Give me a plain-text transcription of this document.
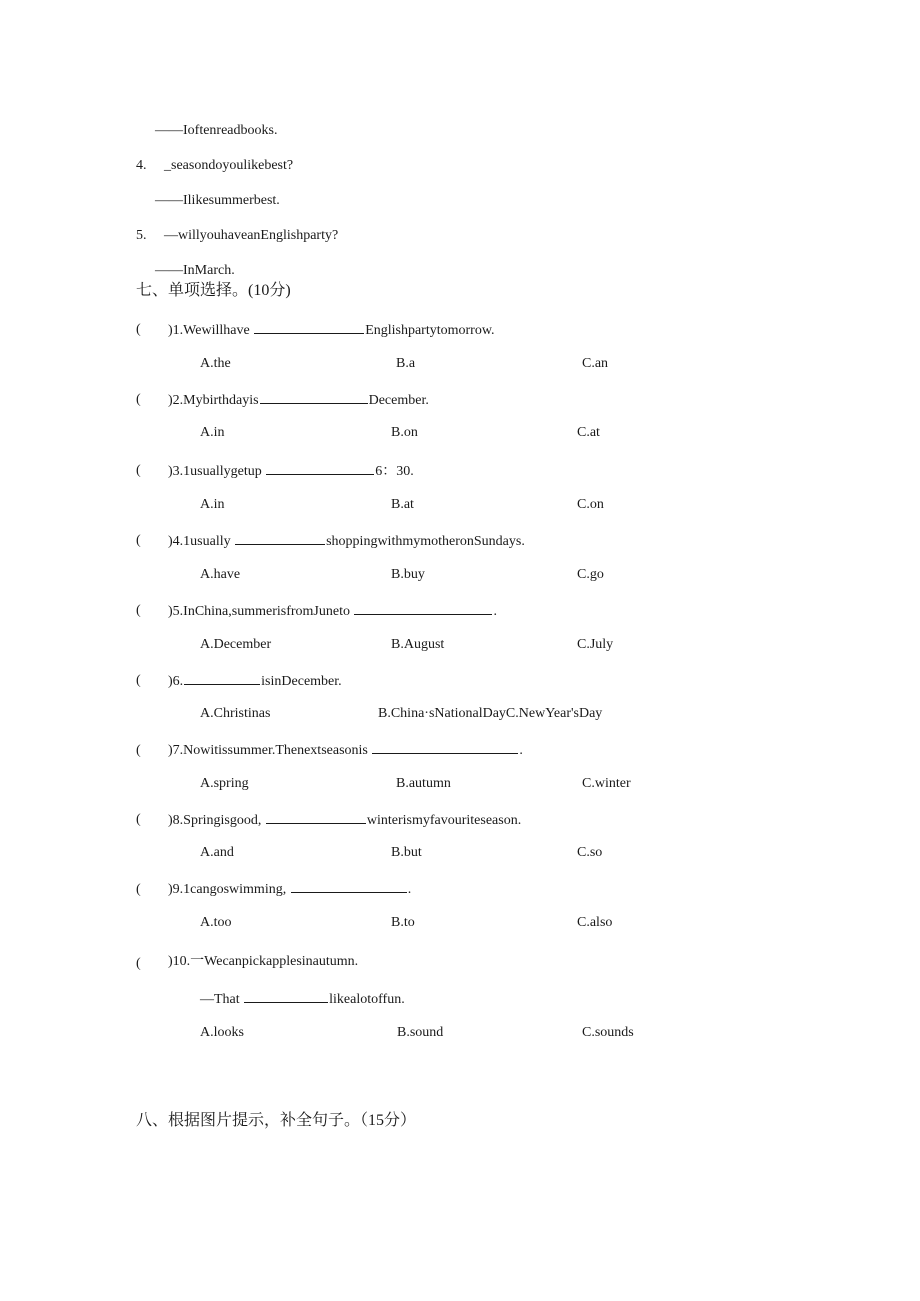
——Ioftenreadbooks.
4. _seasondoyoulikebest?
——Ilikesummerbest.
5. —willyouhaveanEnglishparty?
——InMarch.
七、单项选择。(10分)
( )1.Wewillhave	Englishpartytomorrow.
A.the	B.a	C.an
( )2.Mybirthdayis	December.
A.in	B.on	C.at
( )3.1usuallygetup	6：30.
A.in	B.at	C.on
( )4.1usually	shoppingwithmymotheronSundays.
A.have	B.buy	C.go
( )5.InChina,summerisfromJuneto	.
A.December	B.August	C.July
( )6.	isinDecember.
A.Christinas	B.China·sNationalDayC.NewYear'sDay
( )7.Nowitissummer.Thenextseasonis	.
A.spring	B.autumn	C.winter
( )8.Springisgood,	winterismyfavouriteseason.
A.and	B.but	C.so
( )9.1cangoswimming,	.
A.too	B.to	C.also
( )10.一Wecanpickapplesinautumn.
—That	likealotoffun.
A.looks	B.sound	C.sounds
八、根据图片提示，补全句子。（15分）
